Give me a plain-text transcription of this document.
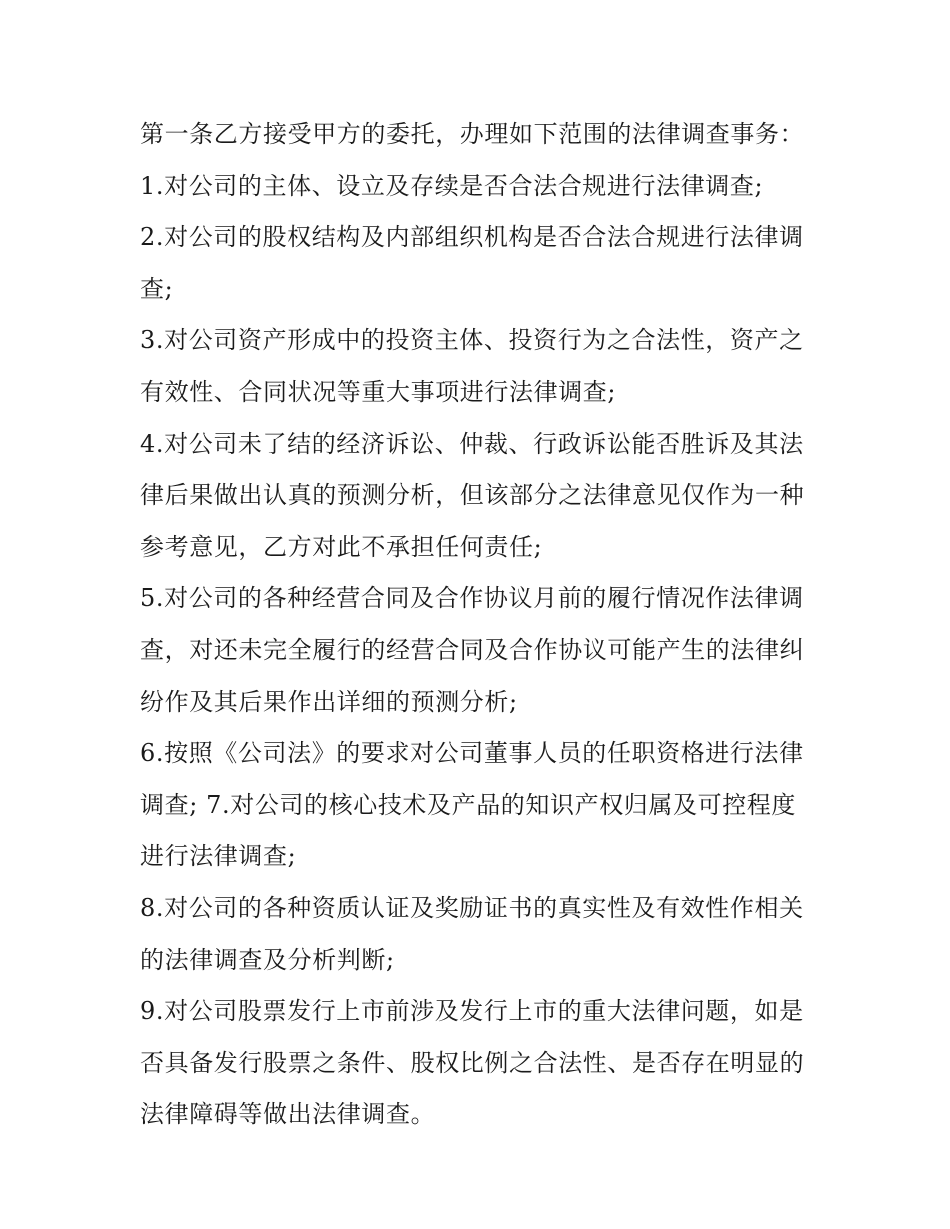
第一条乙方接受甲方的委托，办理如下范围的法律调查事务：

1.对公司的主体、设立及存续是否合法合规进行法律调查;

2.对公司的股权结构及内部组织机构是否合法合规进行法律调
查;

3.对公司资产形成中的投资主体、投资行为之合法性，资产之
有效性、合同状况等重大事项进行法律调查;

4.对公司未了结的经济诉讼、仲裁、行政诉讼能否胜诉及其法
律后果做出认真的预测分析，但该部分之法律意见仅作为一种
参考意见，乙方对此不承担任何责任;

5.对公司的各种经营合同及合作协议月前的履行情况作法律调
查，对还未完全履行的经营合同及合作协议可能产生的法律纠
纷作及其后果作出详细的预测分析;

6.按照《公司法》的要求对公司董事人员的任职资格进行法律
调查; 7.对公司的核心技术及产品的知识产权归属及可控程度
进行法律调查;

8.对公司的各种资质认证及奖励证书的真实性及有效性作相关
的法律调查及分析判断;

9.对公司股票发行上市前涉及发行上市的重大法律问题，如是
否具备发行股票之条件、股权比例之合法性、是否存在明显的
法律障碍等做出法律调查。
